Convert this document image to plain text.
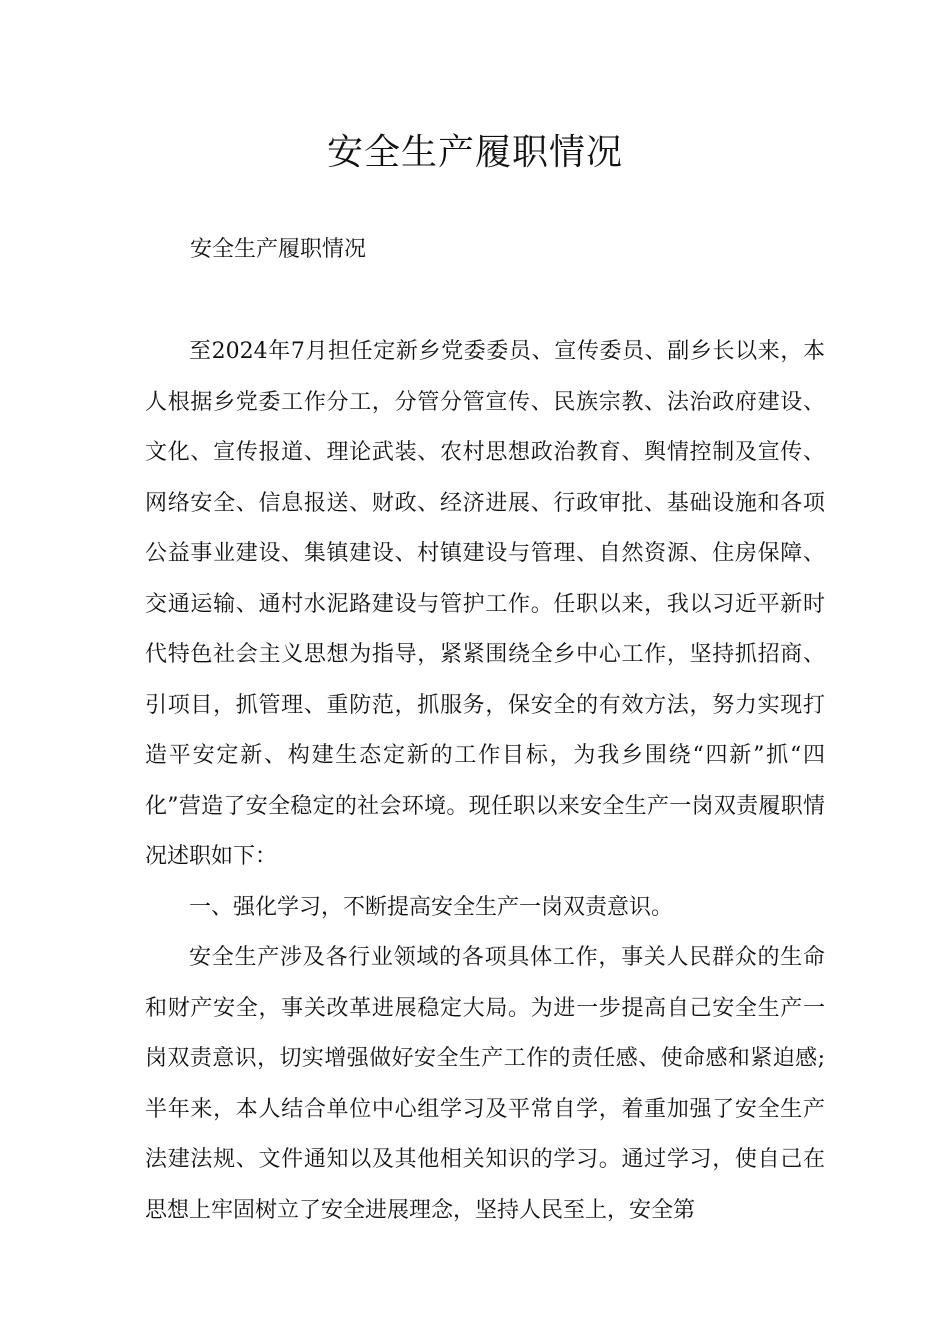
安全生产履职情况
安全生产履职情况

至2024年7月担任定新乡党委委员、宣传委员、副乡长以来，本人根据乡党委工作分工，分管分管宣传、民族宗教、法治政府建设、文化、宣传报道、理论武装、农村思想政治教育、舆情控制及宣传、网络安全、信息报送、财政、经济进展、行政审批、基础设施和各项公益事业建设、集镇建设、村镇建设与管理、自然资源、住房保障、交通运输、通村水泥路建设与管护工作。任职以来，我以习近平新时代特色社会主义思想为指导，紧紧围绕全乡中心工作，坚持抓招商、引项目，抓管理、重防范，抓服务，保安全的有效方法，努力实现打造平安定新、构建生态定新的工作目标，为我乡围绕“四新”抓“四化”营造了安全稳定的社会环境。现任职以来安全生产一岗双责履职情况述职如下：

一、强化学习，不断提高安全生产一岗双责意识。

安全生产涉及各行业领域的各项具体工作，事关人民群众的生命和财产安全，事关改革进展稳定大局。为进一步提高自己安全生产一岗双责意识，切实增强做好安全生产工作的责任感、使命感和紧迫感;半年来，本人结合单位中心组学习及平常自学，着重加强了安全生产法建法规、文件通知以及其他相关知识的学习。通过学习，使自己在思想上牢固树立了安全进展理念，坚持人民至上，安全第
